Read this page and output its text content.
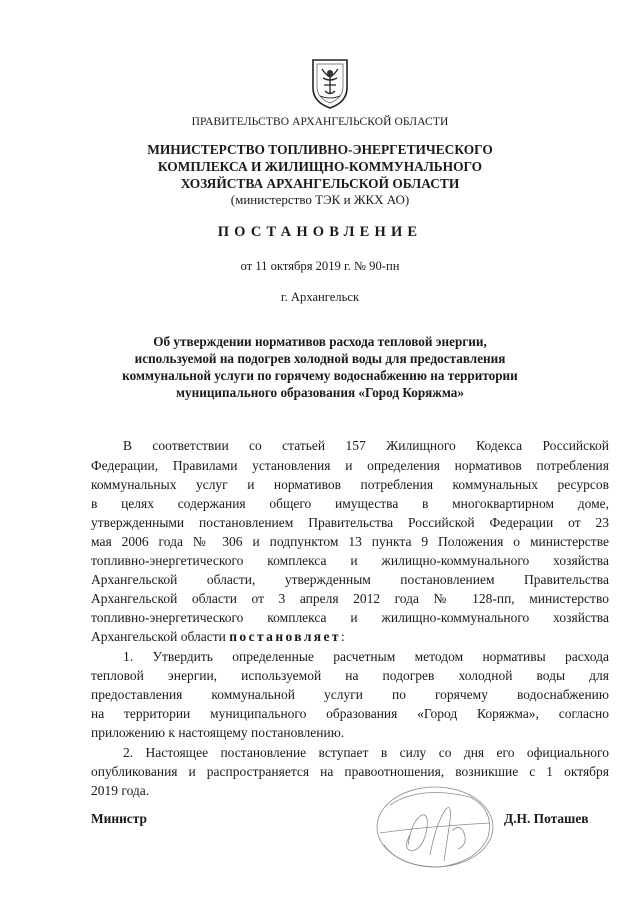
ПРАВИТЕЛЬСТВО АРХАНГЕЛЬСКОЙ ОБЛАСТИ
МИНИСТЕРСТВО ТОПЛИВНО-ЭНЕРГЕТИЧЕСКОГО
КОМПЛЕКСА И ЖИЛИЩНО-КОММУНАЛЬНОГО
ХОЗЯЙСТВА АРХАНГЕЛЬСКОЙ ОБЛАСТИ
(министерство ТЭК и ЖКХ АО)
ПОСТАНОВЛЕНИЕ
от 11 октября 2019 г. № 90-пн
г. Архангельск
Об утверждении нормативов расхода тепловой энергии,
используемой на подогрев холодной воды для предоставления
коммунальной услуги по горячему водоснабжению на территории
муниципального образования «Город Коряжма»
В соответствии со статьей 157 Жилищного Кодекса Российской
Федерации, Правилами установления и определения нормативов потребления
коммунальных услуг и нормативов потребления коммунальных ресурсов
в целях содержания общего имущества в многоквартирном доме,
утвержденными постановлением Правительства Российской Федерации от 23
мая 2006 года № 306 и подпунктом 13 пункта 9 Положения о министерстве
топливно-энергетического комплекса и жилищно-коммунального хозяйства
Архангельской области, утвержденным постановлением Правительства
Архангельской области от 3 апреля 2012 года № 128-пп, министерство
топливно-энергетического комплекса и жилищно-коммунального хозяйства
Архангельской области постановляет:
1. Утвердить определенные расчетным методом нормативы расхода
тепловой энергии, используемой на подогрев холодной воды для
предоставления коммунальной услуги по горячему водоснабжению
на территории муниципального образования «Город Коряжма», согласно
приложению к настоящему постановлению.
2. Настоящее постановление вступает в силу со дня его официального
опубликования и распространяется на правоотношения, возникшие с 1 октября
2019 года.
Министр	Д.Н. Поташев
